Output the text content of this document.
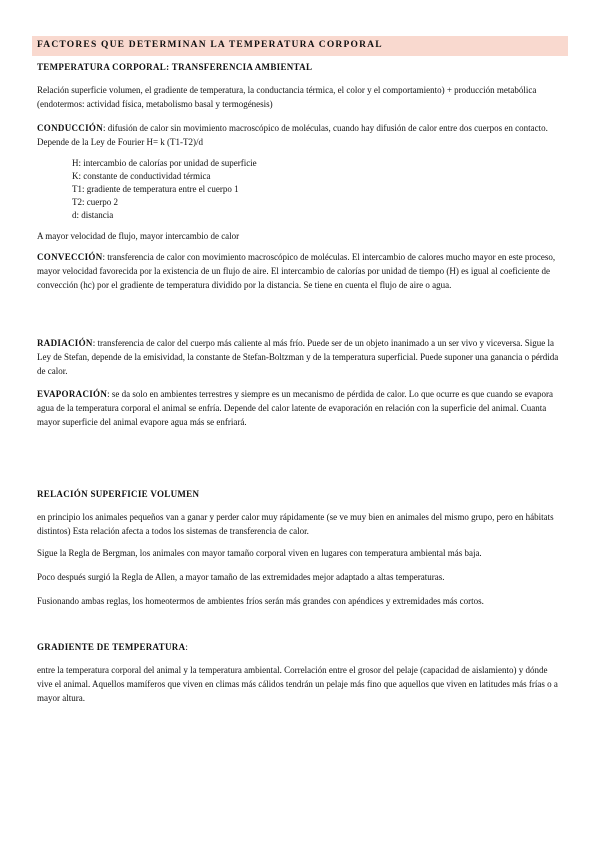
FACTORES QUE DETERMINAN LA TEMPERATURA CORPORAL
TEMPERATURA CORPORAL: TRANSFERENCIA AMBIENTAL
Relación superficie volumen, el gradiente de temperatura, la conductancia térmica, el color y el comportamiento) + producción metabólica (endotermos: actividad física, metabolismo basal y termogénesis)
CONDUCCIÓN: difusión de calor sin movimiento macroscópico de moléculas, cuando hay difusión de calor entre dos cuerpos en contacto. Depende de la Ley de Fourier H= k (T1-T2)/d
H: intercambio de calorías por unidad de superficie
K: constante de conductividad térmica
T1: gradiente de temperatura entre el cuerpo 1
T2: cuerpo 2
d: distancia
A mayor velocidad de flujo, mayor intercambio de calor
CONVECCIÓN: transferencia de calor con movimiento macroscópico de moléculas. El intercambio de calores mucho mayor en este proceso, mayor velocidad favorecida por la existencia de un flujo de aire. El intercambio de calorías por unidad de tiempo (H) es igual al coeficiente de convección (hc) por el gradiente de temperatura dividido por la distancia. Se tiene en cuenta el flujo de aire o agua.
RADIACIÓN: transferencia de calor del cuerpo más caliente al más frío. Puede ser de un objeto inanimado a un ser vivo y viceversa. Sigue la Ley de Stefan, depende de la emisividad, la constante de Stefan-Boltzman y de la temperatura superficial. Puede suponer una ganancia o pérdida de calor.
EVAPORACIÓN: se da solo en ambientes terrestres y siempre es un mecanismo de pérdida de calor. Lo que ocurre es que cuando se evapora agua de la temperatura corporal el animal se enfría. Depende del calor latente de evaporación en relación con la superficie del animal. Cuanta mayor superficie del animal evapore agua más se enfriará.
RELACIÓN SUPERFICIE VOLUMEN
en principio los animales pequeños van a ganar y perder calor muy rápidamente (se ve muy bien en animales del mismo grupo, pero en hábitats distintos) Esta relación afecta a todos los sistemas de transferencia de calor.
Sigue la Regla de Bergman, los animales con mayor tamaño corporal viven en lugares con temperatura ambiental más baja.
Poco después surgió la Regla de Allen, a mayor tamaño de las extremidades mejor adaptado a altas temperaturas.
Fusionando ambas reglas, los homeotermos de ambientes fríos serán más grandes con apéndices y extremidades más cortos.
GRADIENTE DE TEMPERATURA:
entre la temperatura corporal del animal y la temperatura ambiental. Correlación entre el grosor del pelaje (capacidad de aislamiento) y dónde vive el animal. Aquellos mamíferos que viven en climas más cálidos tendrán un pelaje más fino que aquellos que viven en latitudes más frías o a mayor altura.
